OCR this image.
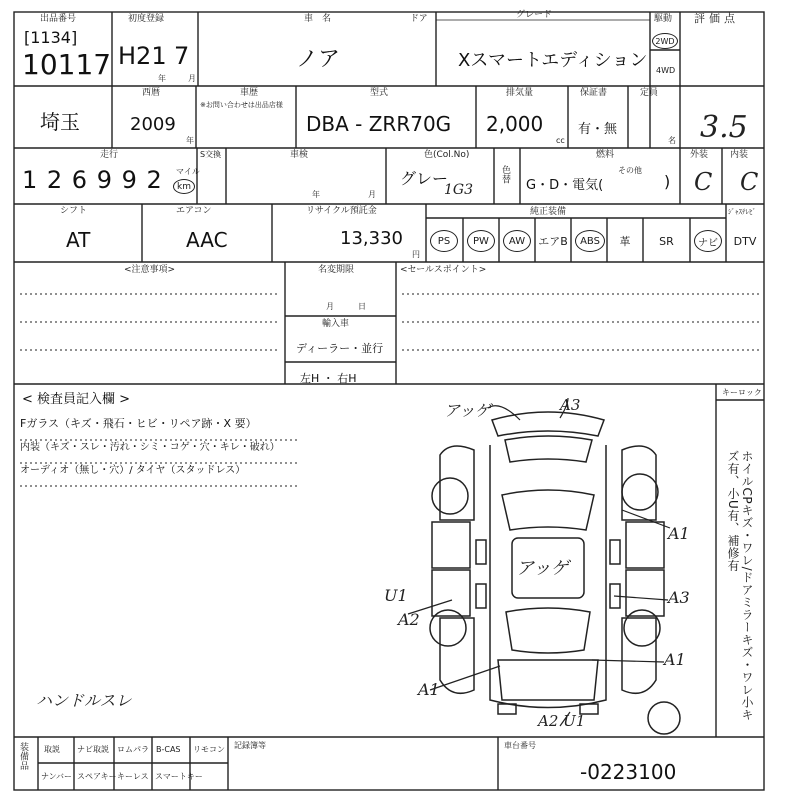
出品番号
[1134]
10117
初度登録
H21 7
年	月
車　名	ドア
ノア
グレード
Xスマートエディション
駆動
2WD
4WD
評価点
3.5
埼玉
西暦
2009
年
車歴
※お問い合わせは出品店様
型式
DBA - ZRR70G
排気量
2,000
cc
保証書
有・無
定員
名
走行	S交換
1 2 6 9 9 2 マイル
km
車検
年	月
色(Col.No)
グレー
1G3
色替
燃料
G・D・電気(
その他
)
外装 内装
C C
シフト
AT
エアコン
AAC
リサイクル預託金
13,330
円
純正装備	ｼﾞｬｽﾃﾚﾋﾞ
PS	PW	AW	エアB	ABS	革	SR	ナビ	DTV
<注意事項>	名変期限
月	日
輸入車
ディーラー・並行
左H ・ 右H
<セールスポイント>
< 検査員記入欄 >
Fガラス（キズ・飛石・ヒビ・リペア跡・X 要）
内装（キズ・スレ・汚れ・シミ・コゲ・穴・キレ・破れ）
オーディオ（無し・穴）/ タイヤ（スタッドレス）
キーロック
ホイルCPキズ・ワレ/ドアミラーキズ・ワレ小キズ有、小U有、補修有
ハンドルスレ
アッゲ	A3
アッゲ
A1
A3
A1
U1
A2
A1
A2 U1
装備品 取説 ナビ取説 ロムパラ B-CAS リモコン
ナンバー スペアキー キーレス スマートキー
記録簿等	車台番号
-0223100
